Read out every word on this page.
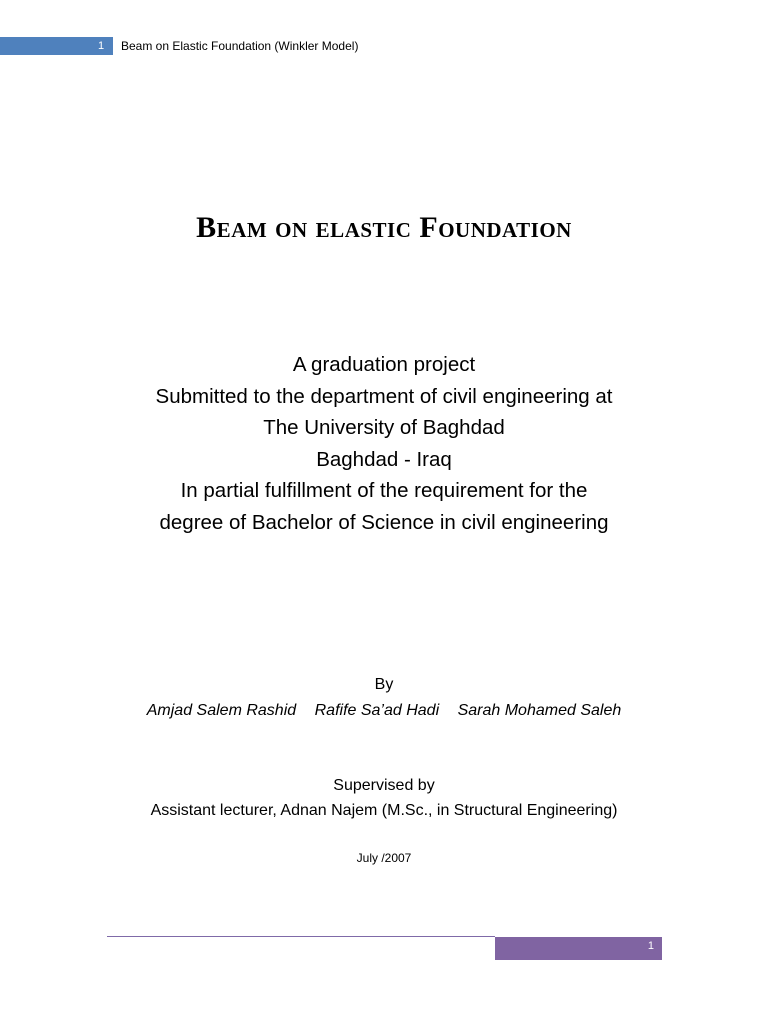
1	Beam on Elastic Foundation (Winkler Model)
Beam on elastic Foundation
A graduation project
Submitted to the department of civil engineering at
The University of Baghdad
Baghdad - Iraq
In partial fulfillment of the requirement for the
degree of Bachelor of Science in civil engineering
By
Amjad Salem Rashid Rafife Sa’ad Hadi Sarah Mohamed Saleh
Supervised by
Assistant lecturer, Adnan Najem (M.Sc., in Structural Engineering)
July /2007
1
